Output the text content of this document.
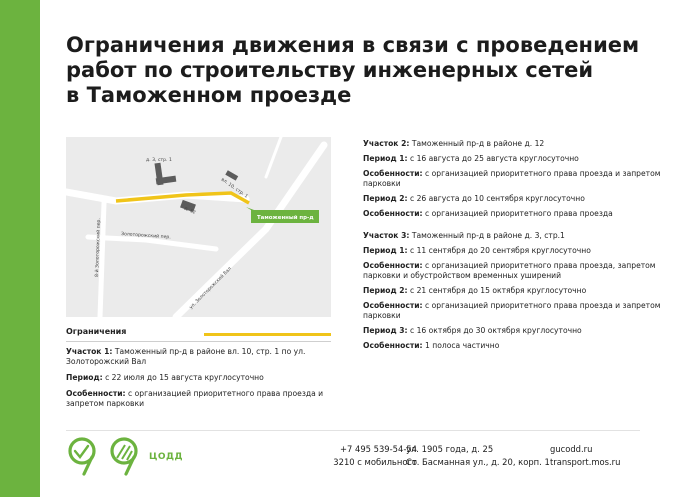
Ограничения движения в связи с проведением
работ по строительству инженерных сетей
в Таможенном проезде
д. 3, стр. 1
вл. 10, стр. 1
д. 12
Золоторожский пер.
8-й Золоторожский пер.
ул. Золоторожский Вал
Таможенный пр-д
Ограничения

Участок 1: Таможенный пр-д в районе вл. 10, стр. 1 по ул. Золоторожский Вал

Период: с 22 июля до 15 августа круглосуточно

Особенности: с организацией приоритетного права проезда и запретом парковки

Участок 2: Таможенный пр-д в районе д. 12

Период 1: с 16 августа до 25 августа круглосуточно

Особенности: с организацией приоритетного права проезда и запретом парковки

Период 2: с 26 августа до 10 сентября круглосуточно

Особенности: с организацией приоритетного права проезда

Участок 3: Таможенный пр-д в районе д. 3, стр.1

Период 1: с 11 сентября до 20 сентября круглосуточно

Особенности: с организацией приоритетного права проезда, запретом парковки и обустройством временных уширений

Период 2: с 21 сентября до 15 октября круглосуточно

Особенности: с организацией приоритетного права проезда и запретом парковки

Период 3: с 16 октября до 30 октября круглосуточно

Особенности: 1 полоса частично

ЦОДД
+7 495 539-54-54
3210 с мобильного
ул. 1905 года, д. 25
Ст. Басманная ул., д. 20, корп. 1
gucodd.ru
transport.mos.ru
